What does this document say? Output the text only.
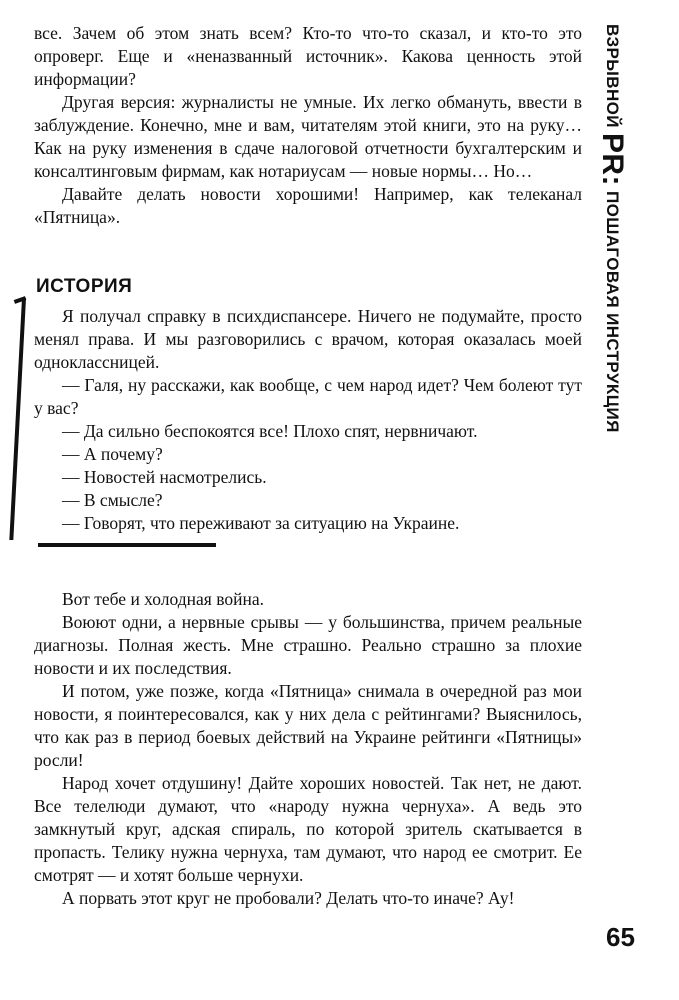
все. Зачем об этом знать всем? Кто-то что-то сказал, и кто-то это опроверг. Еще и «неназванный источник». Какова ценность этой информации?

Другая версия: журналисты не умные. Их легко обмануть, ввести в заблуждение. Конечно, мне и вам, читателям этой книги, это на руку… Как на руку изменения в сдаче налоговой отчетности бухгалтерским и консалтинговым фирмам, как нотариусам — новые нормы… Но…

Давайте делать новости хорошими! Например, как телеканал «Пятница».

ИСТОРИЯ

Я получал справку в психдиспансере. Ничего не подумайте, просто менял права. И мы разговорились с врачом, которая оказалась моей одноклассницей.

— Галя, ну расскажи, как вообще, с чем народ идет? Чем болеют тут у вас?

— Да сильно беспокоятся все! Плохо спят, нервничают.

— А почему?

— Новостей насмотрелись.

— В смысле?

— Говорят, что переживают за ситуацию на Украине.

Вот тебе и холодная война.

Воюют одни, а нервные срывы — у большинства, причем реальные диагнозы. Полная жесть. Мне страшно. Реально страшно за плохие новости и их последствия.

И потом, уже позже, когда «Пятница» снимала в очередной раз мои новости, я поинтересовался, как у них дела с рейтингами? Выяснилось, что как раз в период боевых действий на Украине рейтинги «Пятницы» росли!

Народ хочет отдушину! Дайте хороших новостей. Так нет, не дают. Все телелюди думают, что «народу нужна чернуха». А ведь это замкнутый круг, адская спираль, по которой зритель скатывается в пропасть. Телику нужна чернуха, там думают, что народ ее смотрит. Ее смотрят — и хотят больше чернухи.

А порвать этот круг не пробовали? Делать что-то иначе? Ау!

ВЗРЫВНОЙ PR: ПОШАГОВАЯ ИНСТРУКЦИЯ
65
